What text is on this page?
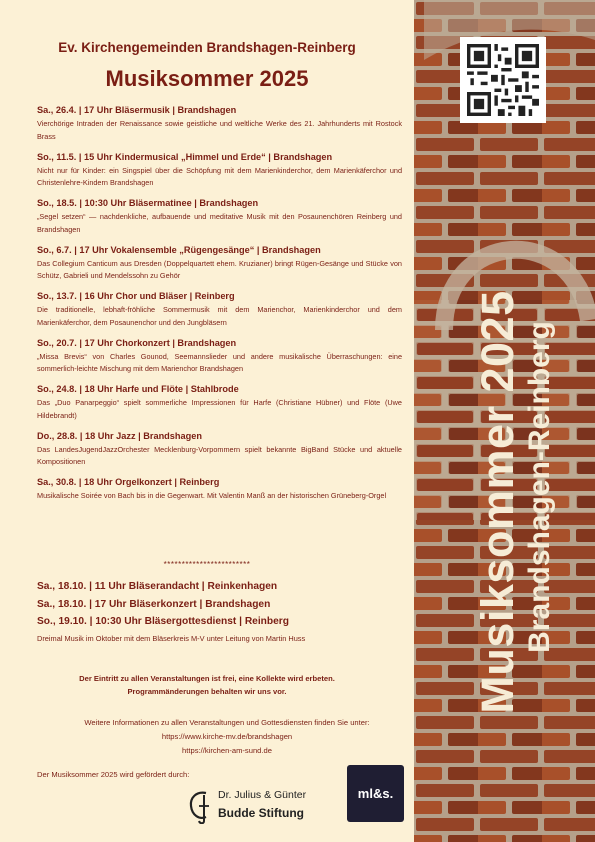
Ev. Kirchengemeinden Brandshagen-Reinberg
Musiksommer 2025
Sa., 26.4. | 17 Uhr Bläsermusik | Brandshagen
Vierchörige Intraden der Renaissance sowie geistliche und weltliche Werke des 21. Jahrhunderts mit Rostock Brass
So., 11.5. | 15 Uhr Kindermusical „Himmel und Erde“ | Brandshagen
Nicht nur für Kinder: ein Singspiel über die Schöpfung mit dem Marienkinderchor, dem Marienkäferchor und Christenlehre-Kindern Brandshagen
So., 18.5. | 10:30 Uhr Bläsermatinee | Brandshagen
„Segel setzen“ — nachdenkliche, aufbauende und meditative Musik mit den Posaunenchören Reinberg und Brandshagen
So., 6.7. | 17 Uhr Vokalensemble „Rügengesänge“ | Brandshagen
Das Collegium Canticum aus Dresden (Doppelquartett ehem. Kruzianer) bringt Rügen-Gesänge und Stücke von Schütz, Gabrieli und Mendelssohn zu Gehör
So., 13.7. | 16 Uhr Chor und Bläser | Reinberg
Die traditionelle, lebhaft-fröhliche Sommermusik mit dem Marienchor, Marienkinderchor und dem Marienkäferchor, dem Posaunenchor und den Jungbläsern
So., 20.7. | 17 Uhr Chorkonzert | Brandshagen
„Missa Brevis“ von Charles Gounod, Seemannslieder und andere musikalische Überraschungen: eine sommerlich-leichte Mischung mit dem Marienchor Brandshagen
So., 24.8. | 18 Uhr Harfe und Flöte | Stahlbrode
Das „Duo Panarpeggio“ spielt sommerliche Impressionen für Harfe (Christiane Hübner) und Flöte (Uwe Hildebrandt)
Do., 28.8. | 18 Uhr Jazz | Brandshagen
Das LandesJugendJazzOrchester Mecklenburg-Vorpommern spielt bekannte BigBand Stücke und aktuelle Kompositionen
Sa., 30.8. | 18 Uhr Orgelkonzert | Reinberg
Musikalische Soirée von Bach bis in die Gegenwart. Mit Valentin Manß an der historischen Grüneberg-Orgel
************************
Sa., 18.10. | 11 Uhr Bläserandacht | Reinkenhagen
Sa., 18.10. | 17 Uhr Bläserkonzert | Brandshagen
So., 19.10. | 10:30 Uhr Bläsergottesdienst | Reinberg
Dreimal Musik im Oktober mit dem Bläserkreis M-V unter Leitung von Martin Huss
Der Eintritt zu allen Veranstaltungen ist frei, eine Kollekte wird erbeten.
Programmänderungen behalten wir uns vor.
Weitere Informationen zu allen Veranstaltungen und Gottesdiensten finden Sie unter:
https://www.kirche-mv.de/brandshagen
https://kirchen-am-sund.de
Der Musiksommer 2025 wird gefördert durch:
Dr. Julius & Günter
Budde Stiftung
ml&s.
Musiksommer 2025 Brandshagen-Reinberg
